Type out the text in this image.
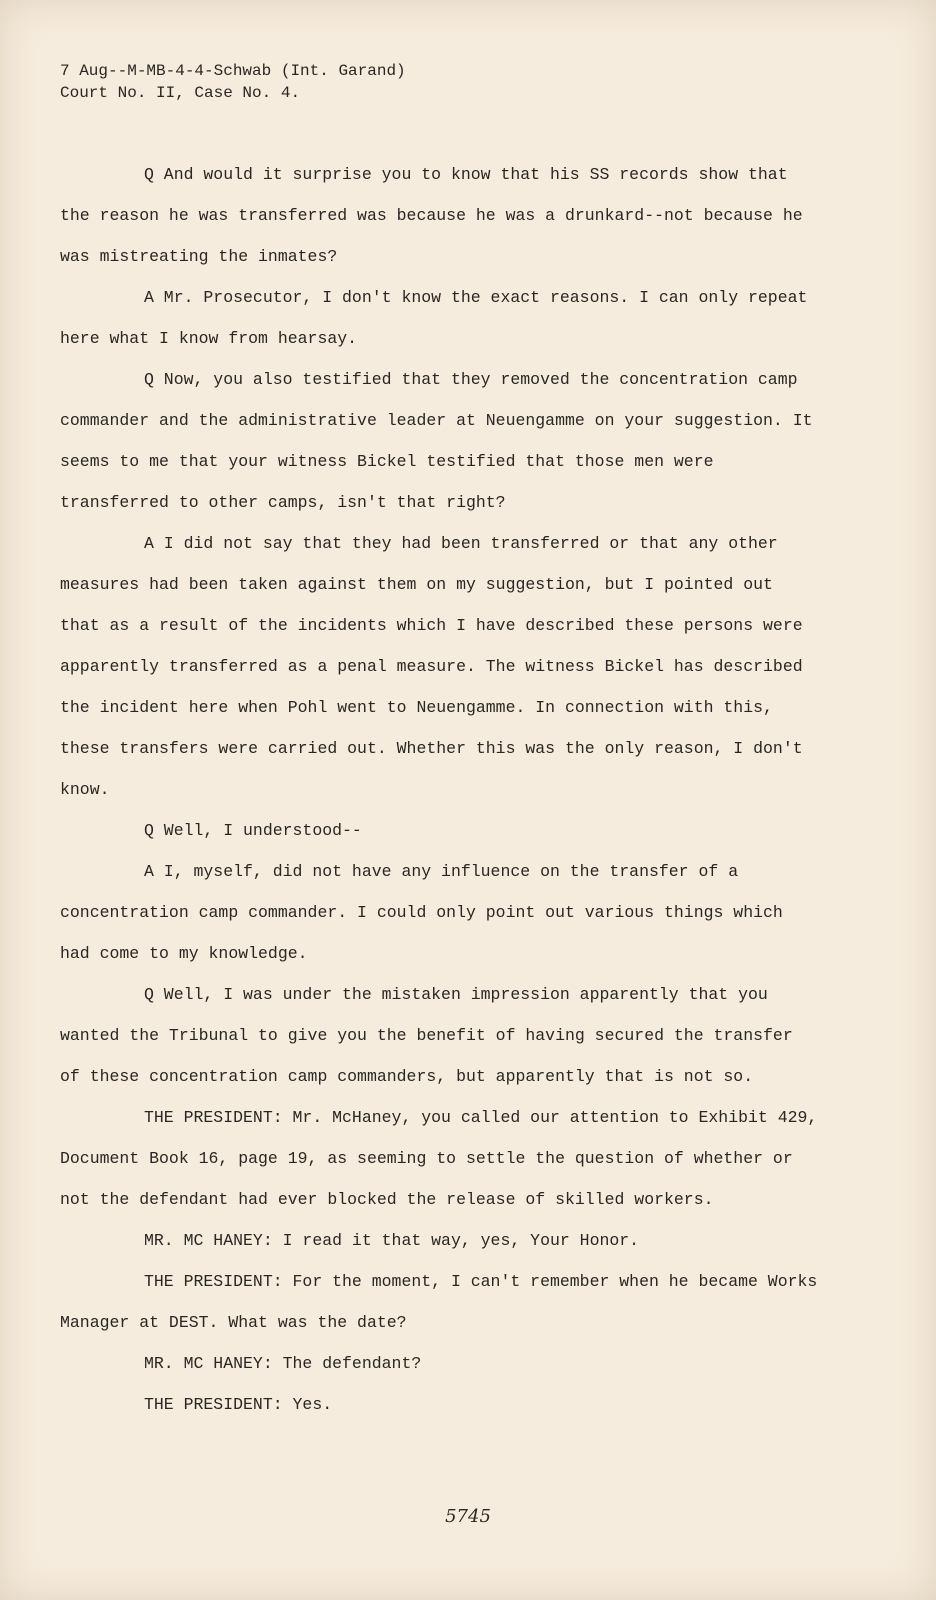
7 Aug--M-MB-4-4-Schwab (Int. Garand)
Court No. II, Case No. 4.

Q And would it surprise you to know that his SS records show that the reason he was transferred was because he was a drunkard--not because he was mistreating the inmates?

A Mr. Prosecutor, I don't know the exact reasons. I can only repeat here what I know from hearsay.

Q Now, you also testified that they removed the concentration camp commander and the administrative leader at Neuengamme on your suggestion. It seems to me that your witness Bickel testified that those men were transferred to other camps, isn't that right?

A I did not say that they had been transferred or that any other measures had been taken against them on my suggestion, but I pointed out that as a result of the incidents which I have described these persons were apparently transferred as a penal measure. The witness Bickel has described the incident here when Pohl went to Neuengamme. In connection with this, these transfers were carried out. Whether this was the only reason, I don't know.

Q Well, I understood--

A I, myself, did not have any influence on the transfer of a concentration camp commander. I could only point out various things which had come to my knowledge.

Q Well, I was under the mistaken impression apparently that you wanted the Tribunal to give you the benefit of having secured the transfer of these concentration camp commanders, but apparently that is not so.

THE PRESIDENT: Mr. McHaney, you called our attention to Exhibit 429, Document Book 16, page 19, as seeming to settle the question of whether or not the defendant had ever blocked the release of skilled workers.

MR. MC HANEY: I read it that way, yes, Your Honor.

THE PRESIDENT: For the moment, I can't remember when he became Works Manager at DEST. What was the date?

MR. MC HANEY: The defendant?

THE PRESIDENT: Yes.

5745
